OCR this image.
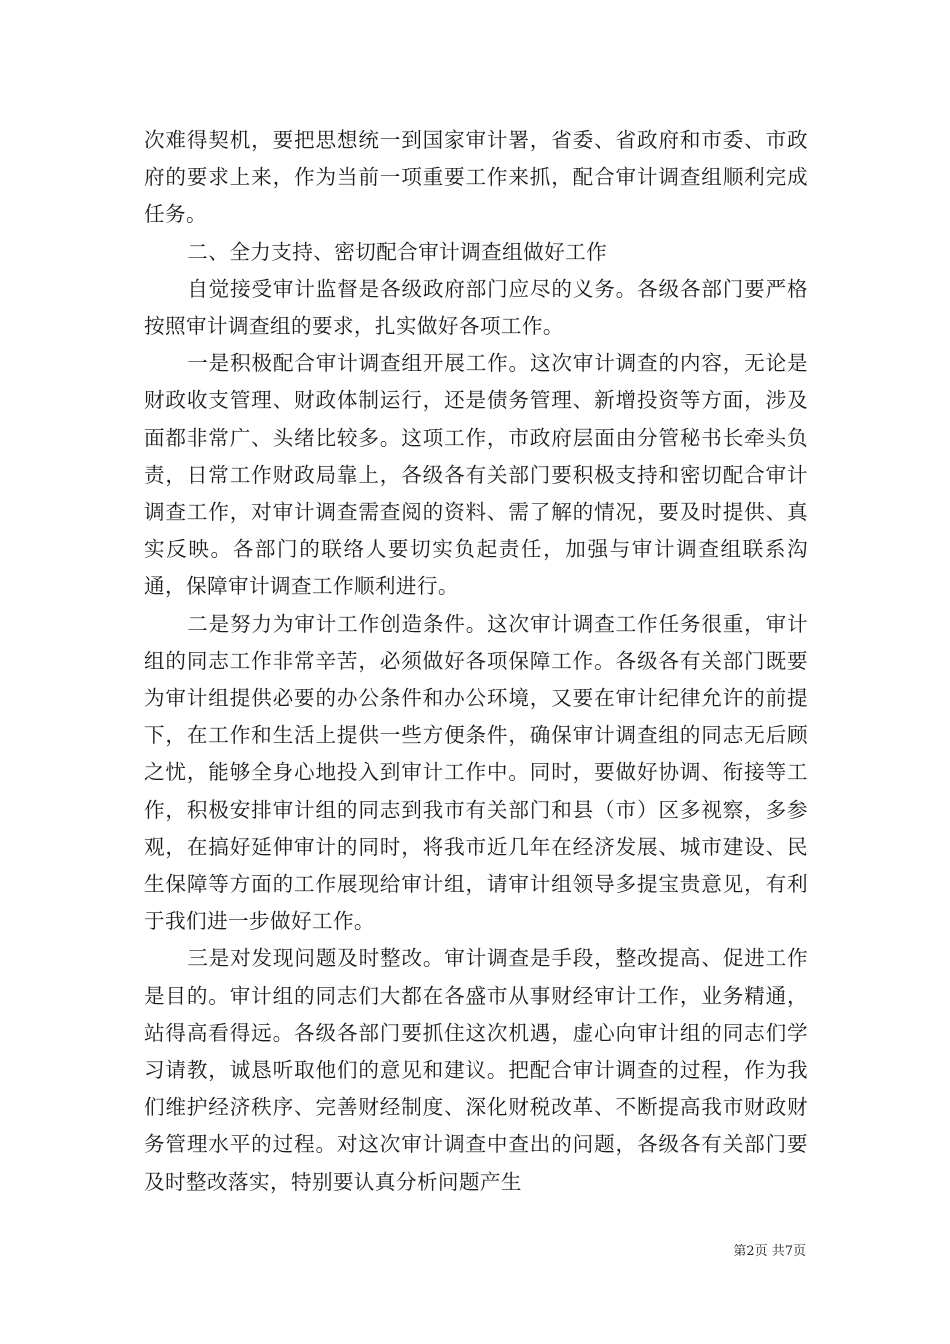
次难得契机，要把思想统一到国家审计署，省委、省政府和市委、市政府的要求上来，作为当前一项重要工作来抓，配合审计调查组顺利完成任务。

二、全力支持、密切配合审计调查组做好工作

自觉接受审计监督是各级政府部门应尽的义务。各级各部门要严格按照审计调查组的要求，扎实做好各项工作。

一是积极配合审计调查组开展工作。这次审计调查的内容，无论是财政收支管理、财政体制运行，还是债务管理、新增投资等方面，涉及面都非常广、头绪比较多。这项工作，市政府层面由分管秘书长牵头负责，日常工作财政局靠上，各级各有关部门要积极支持和密切配合审计调查工作，对审计调查需查阅的资料、需了解的情况，要及时提供、真实反映。各部门的联络人要切实负起责任，加强与审计调查组联系沟通，保障审计调查工作顺利进行。

二是努力为审计工作创造条件。这次审计调查工作任务很重，审计组的同志工作非常辛苦，必须做好各项保障工作。各级各有关部门既要为审计组提供必要的办公条件和办公环境，又要在审计纪律允许的前提下，在工作和生活上提供一些方便条件，确保审计调查组的同志无后顾之忧，能够全身心地投入到审计工作中。同时，要做好协调、衔接等工作，积极安排审计组的同志到我市有关部门和县（市）区多视察，多参观，在搞好延伸审计的同时，将我市近几年在经济发展、城市建设、民生保障等方面的工作展现给审计组，请审计组领导多提宝贵意见，有利于我们进一步做好工作。

三是对发现问题及时整改。审计调查是手段，整改提高、促进工作是目的。审计组的同志们大都在各盛市从事财经审计工作，业务精通，站得高看得远。各级各部门要抓住这次机遇，虚心向审计组的同志们学习请教，诚恳听取他们的意见和建议。把配合审计调查的过程，作为我们维护经济秩序、完善财经制度、深化财税改革、不断提高我市财政财务管理水平的过程。对这次审计调查中查出的问题，各级各有关部门要及时整改落实，特别要认真分析问题产生

第2页 共7页
